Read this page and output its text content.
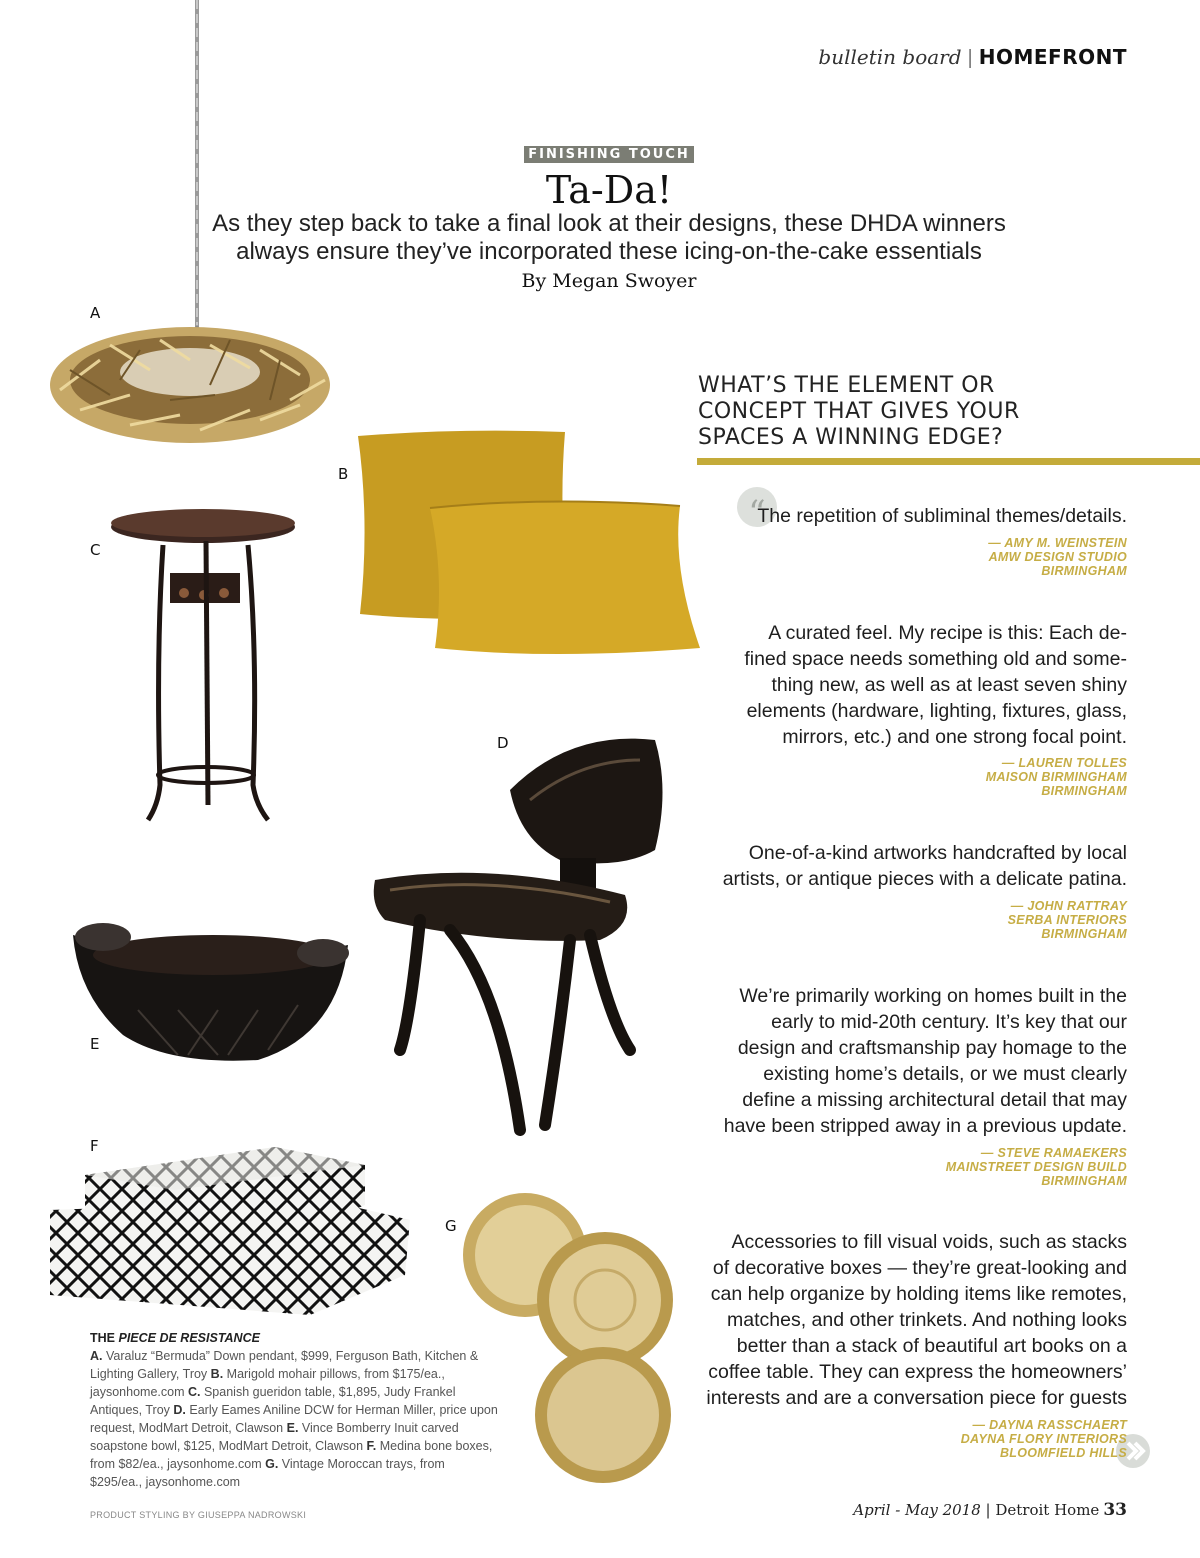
bulletin board | HOMEFRONT
A
FINISHING TOUCH
Ta-Da!
As they step back to take a final look at their designs, these DHDA winners
always ensure they’ve incorporated these icing-on-the-cake essentials
By Megan Swoyer
B
C
D
E
F
G
WHAT’S THE ELEMENT OR
CONCEPT THAT GIVES YOUR
SPACES A WINNING EDGE?
“
The repetition of subliminal themes/details.
— AMY M. WEINSTEIN
AMW DESIGN STUDIO
BIRMINGHAM
A curated feel. My recipe is this: Each de-
fined space needs something old and some-
thing new, as well as at least seven shiny
elements (hardware, lighting, fixtures, glass,
mirrors, etc.) and one strong focal point.
— LAUREN TOLLES
MAISON BIRMINGHAM
BIRMINGHAM
One-of-a-kind artworks handcrafted by local
artists, or antique pieces with a delicate patina.
— JOHN RATTRAY
SERBA INTERIORS
BIRMINGHAM
We’re primarily working on homes built in the
early to mid-20th century. It’s key that our
design and craftsmanship pay homage to the
existing home’s details, or we must clearly
define a missing architectural detail that may
have been stripped away in a previous update.
— STEVE RAMAEKERS
MAINSTREET DESIGN BUILD
BIRMINGHAM
Accessories to fill visual voids, such as stacks
of decorative boxes — they’re great-looking and
can help organize by holding items like remotes,
matches, and other trinkets. And nothing looks
better than a stack of beautiful art books on a
coffee table. They can express the homeowners’
interests and are a conversation piece for guests
— DAYNA RASSCHAERT
DAYNA FLORY INTERIORS
BLOOMFIELD HILLS
THE PIECE DE RESISTANCE
A. Varaluz “Bermuda” Down pendant, $999, Ferguson Bath, Kitchen & Lighting Gallery, Troy B. Marigold mohair pillows, from $175/ea., jaysonhome.com C. Spanish gueridon table, $1,895, Judy Frankel Antiques, Troy D. Early Eames Aniline DCW for Herman Miller, price upon request, ModMart Detroit, Clawson E. Vince Bomberry Inuit carved soapstone bowl, $125, ModMart Detroit, Clawson F. Medina bone boxes, from $82/ea., jaysonhome.com G. Vintage Moroccan trays, from $295/ea., jaysonhome.com
PRODUCT STYLING BY GIUSEPPA NADROWSKI	April - May 2018 | Detroit Home 33
